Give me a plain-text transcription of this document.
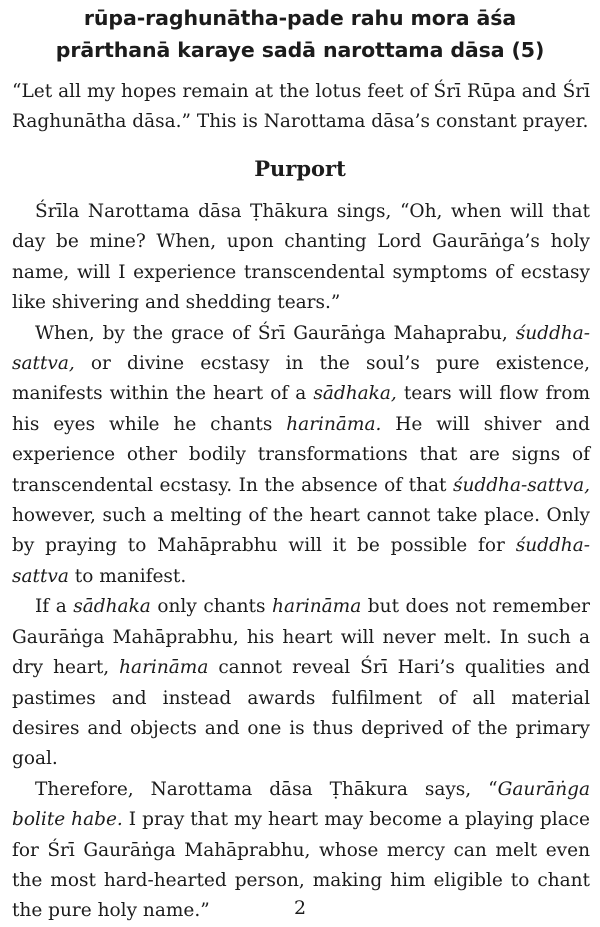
rūpa-raghunātha-pade rahu mora āśa
prārthanā karaye sadā narottama dāsa (5)

“Let all my hopes remain at the lotus feet of Śrī Rūpa and Śrī Raghunātha dāsa.” This is Narottama dāsa’s constant prayer.

Purport

Śrīla Narottama dāsa Ṭhākura sings, “Oh, when will that day be mine? When, upon chanting Lord Gaurāṅga’s holy name, will I experience transcendental symptoms of ecstasy like shivering and shedding tears.”

When, by the grace of Śrī Gaurāṅga Mahaprabu, śuddha-sattva, or divine ecstasy in the soul’s pure existence, manifests within the heart of a sādhaka, tears will flow from his eyes while he chants harināma. He will shiver and experience other bodily transformations that are signs of transcendental ecstasy. In the absence of that śuddha-sattva, however, such a melting of the heart cannot take place. Only by praying to Mahāprabhu will it be possible for śuddha-sattva to manifest.

If a sādhaka only chants harināma but does not remember Gaurāṅga Mahāprabhu, his heart will never melt. In such a dry heart, harināma cannot reveal Śrī Hari’s qualities and pastimes and instead awards fulfilment of all material desires and objects and one is thus deprived of the primary goal.

Therefore, Narottama dāsa Ṭhākura says, “Gaurāṅga bolite habe. I pray that my heart may become a playing place for Śrī Gaurāṅga Mahāprabhu, whose mercy can melt even the most hard-hearted person, making him eligible to chant the pure holy name.”	2
